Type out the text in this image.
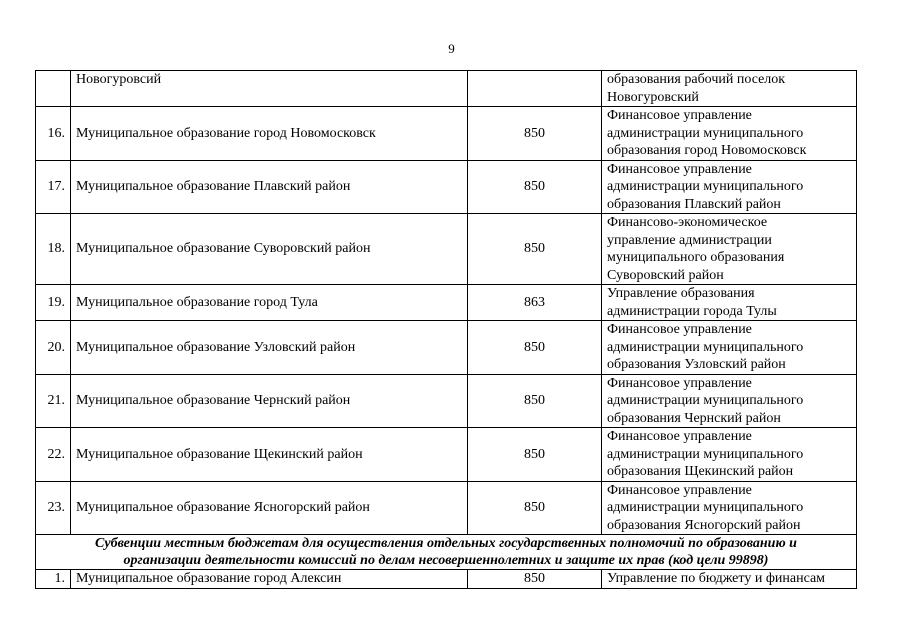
9
	Новогуровсий		образования рабочий поселок
Новогуровский

16.	Муниципальное образование город Новомосковск	850	Финансовое управление
администрации муниципального
образования город Новомосковск

17.	Муниципальное образование Плавский район	850	Финансовое управление
администрации муниципального
образования Плавский район

18.	Муниципальное образование Суворовский район	850	Финансово-экономическое
управление администрации
муниципального образования
Суворовский район

19.	Муниципальное образование город Тула	863	Управление образования
администрации города Тулы

20.	Муниципальное образование Узловский район	850	Финансовое управление
администрации муниципального
образования Узловский район

21.	Муниципальное образование Чернский район	850	Финансовое управление
администрации муниципального
образования Чернский район

22.	Муниципальное образование Щекинский район	850	Финансовое управление
администрации муниципального
образования Щекинский район

23.	Муниципальное образование Ясногорский район	850	Финансовое управление
администрации муниципального
образования Ясногорский район

Субвенции местным бюджетам для осуществления отдельных государственных полномочий по образованию и
организации деятельности комиссий по делам несовершеннолетних и защите их прав (код цели 99898)			

1.	Муниципальное образование город Алексин	850	Управление по бюджету и финансам
